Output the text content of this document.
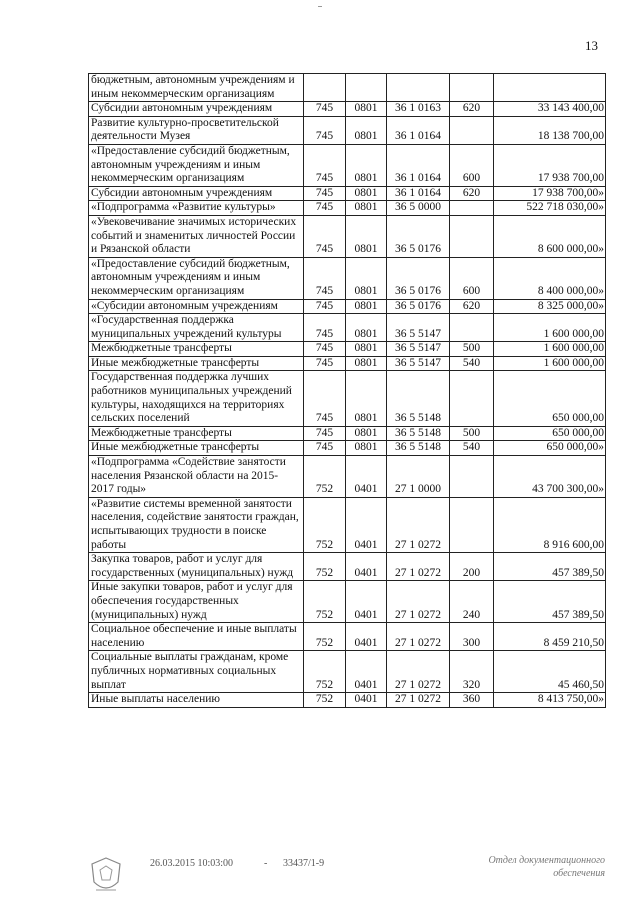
13
бюджетным, автономным учреждениям и иным некоммерческим организациям					
Субсидии автономным учреждениям	745	0801	36 1 0163	620	33 143 400,00
Развитие культурно-просветительской деятельности Музея	745	0801	36 1 0164		18 138 700,00
«Предоставление субсидий бюджетным, автономным учреждениям и иным некоммерческим организациям	745	0801	36 1 0164	600	17 938 700,00
Субсидии автономным учреждениям	745	0801	36 1 0164	620	17 938 700,00»
«Подпрограмма «Развитие культуры»	745	0801	36 5 0000		522 718 030,00»
«Увековечивание значимых исторических событий и знаменитых личностей России и Рязанской области	745	0801	36 5 0176		8 600 000,00»
«Предоставление субсидий бюджетным, автономным учреждениям и иным некоммерческим организациям	745	0801	36 5 0176	600	8 400 000,00»
«Субсидии автономным учреждениям	745	0801	36 5 0176	620	8 325 000,00»
«Государственная поддержка муниципальных учреждений культуры	745	0801	36 5 5147		1 600 000,00
Межбюджетные трансферты	745	0801	36 5 5147	500	1 600 000,00
Иные межбюджетные трансферты	745	0801	36 5 5147	540	1 600 000,00
Государственная поддержка лучших работников муниципальных учреждений культуры, находящихся на территориях сельских поселений	745	0801	36 5 5148		650 000,00
Межбюджетные трансферты	745	0801	36 5 5148	500	650 000,00
Иные межбюджетные трансферты	745	0801	36 5 5148	540	650 000,00»
«Подпрограмма «Содействие занятости населения Рязанской области на 2015-2017 годы»	752	0401	27 1 0000		43 700 300,00»
«Развитие системы временной занятости населения, содействие занятости граждан, испытывающих трудности в поиске работы	752	0401	27 1 0272		8 916 600,00
Закупка товаров, работ и услуг для государственных (муниципальных) нужд	752	0401	27 1 0272	200	457 389,50
Иные закупки товаров, работ и услуг для обеспечения государственных (муниципальных) нужд	752	0401	27 1 0272	240	457 389,50
Социальное обеспечение и иные выплаты населению	752	0401	27 1 0272	300	8 459 210,50
Социальные выплаты гражданам, кроме публичных нормативных социальных выплат	752	0401	27 1 0272	320	45 460,50
Иные выплаты населению	752	0401	27 1 0272	360	8 413 750,00»
26.03.2015 10:03:00	- 33437/1-9	Отдел документационного обеспечения
